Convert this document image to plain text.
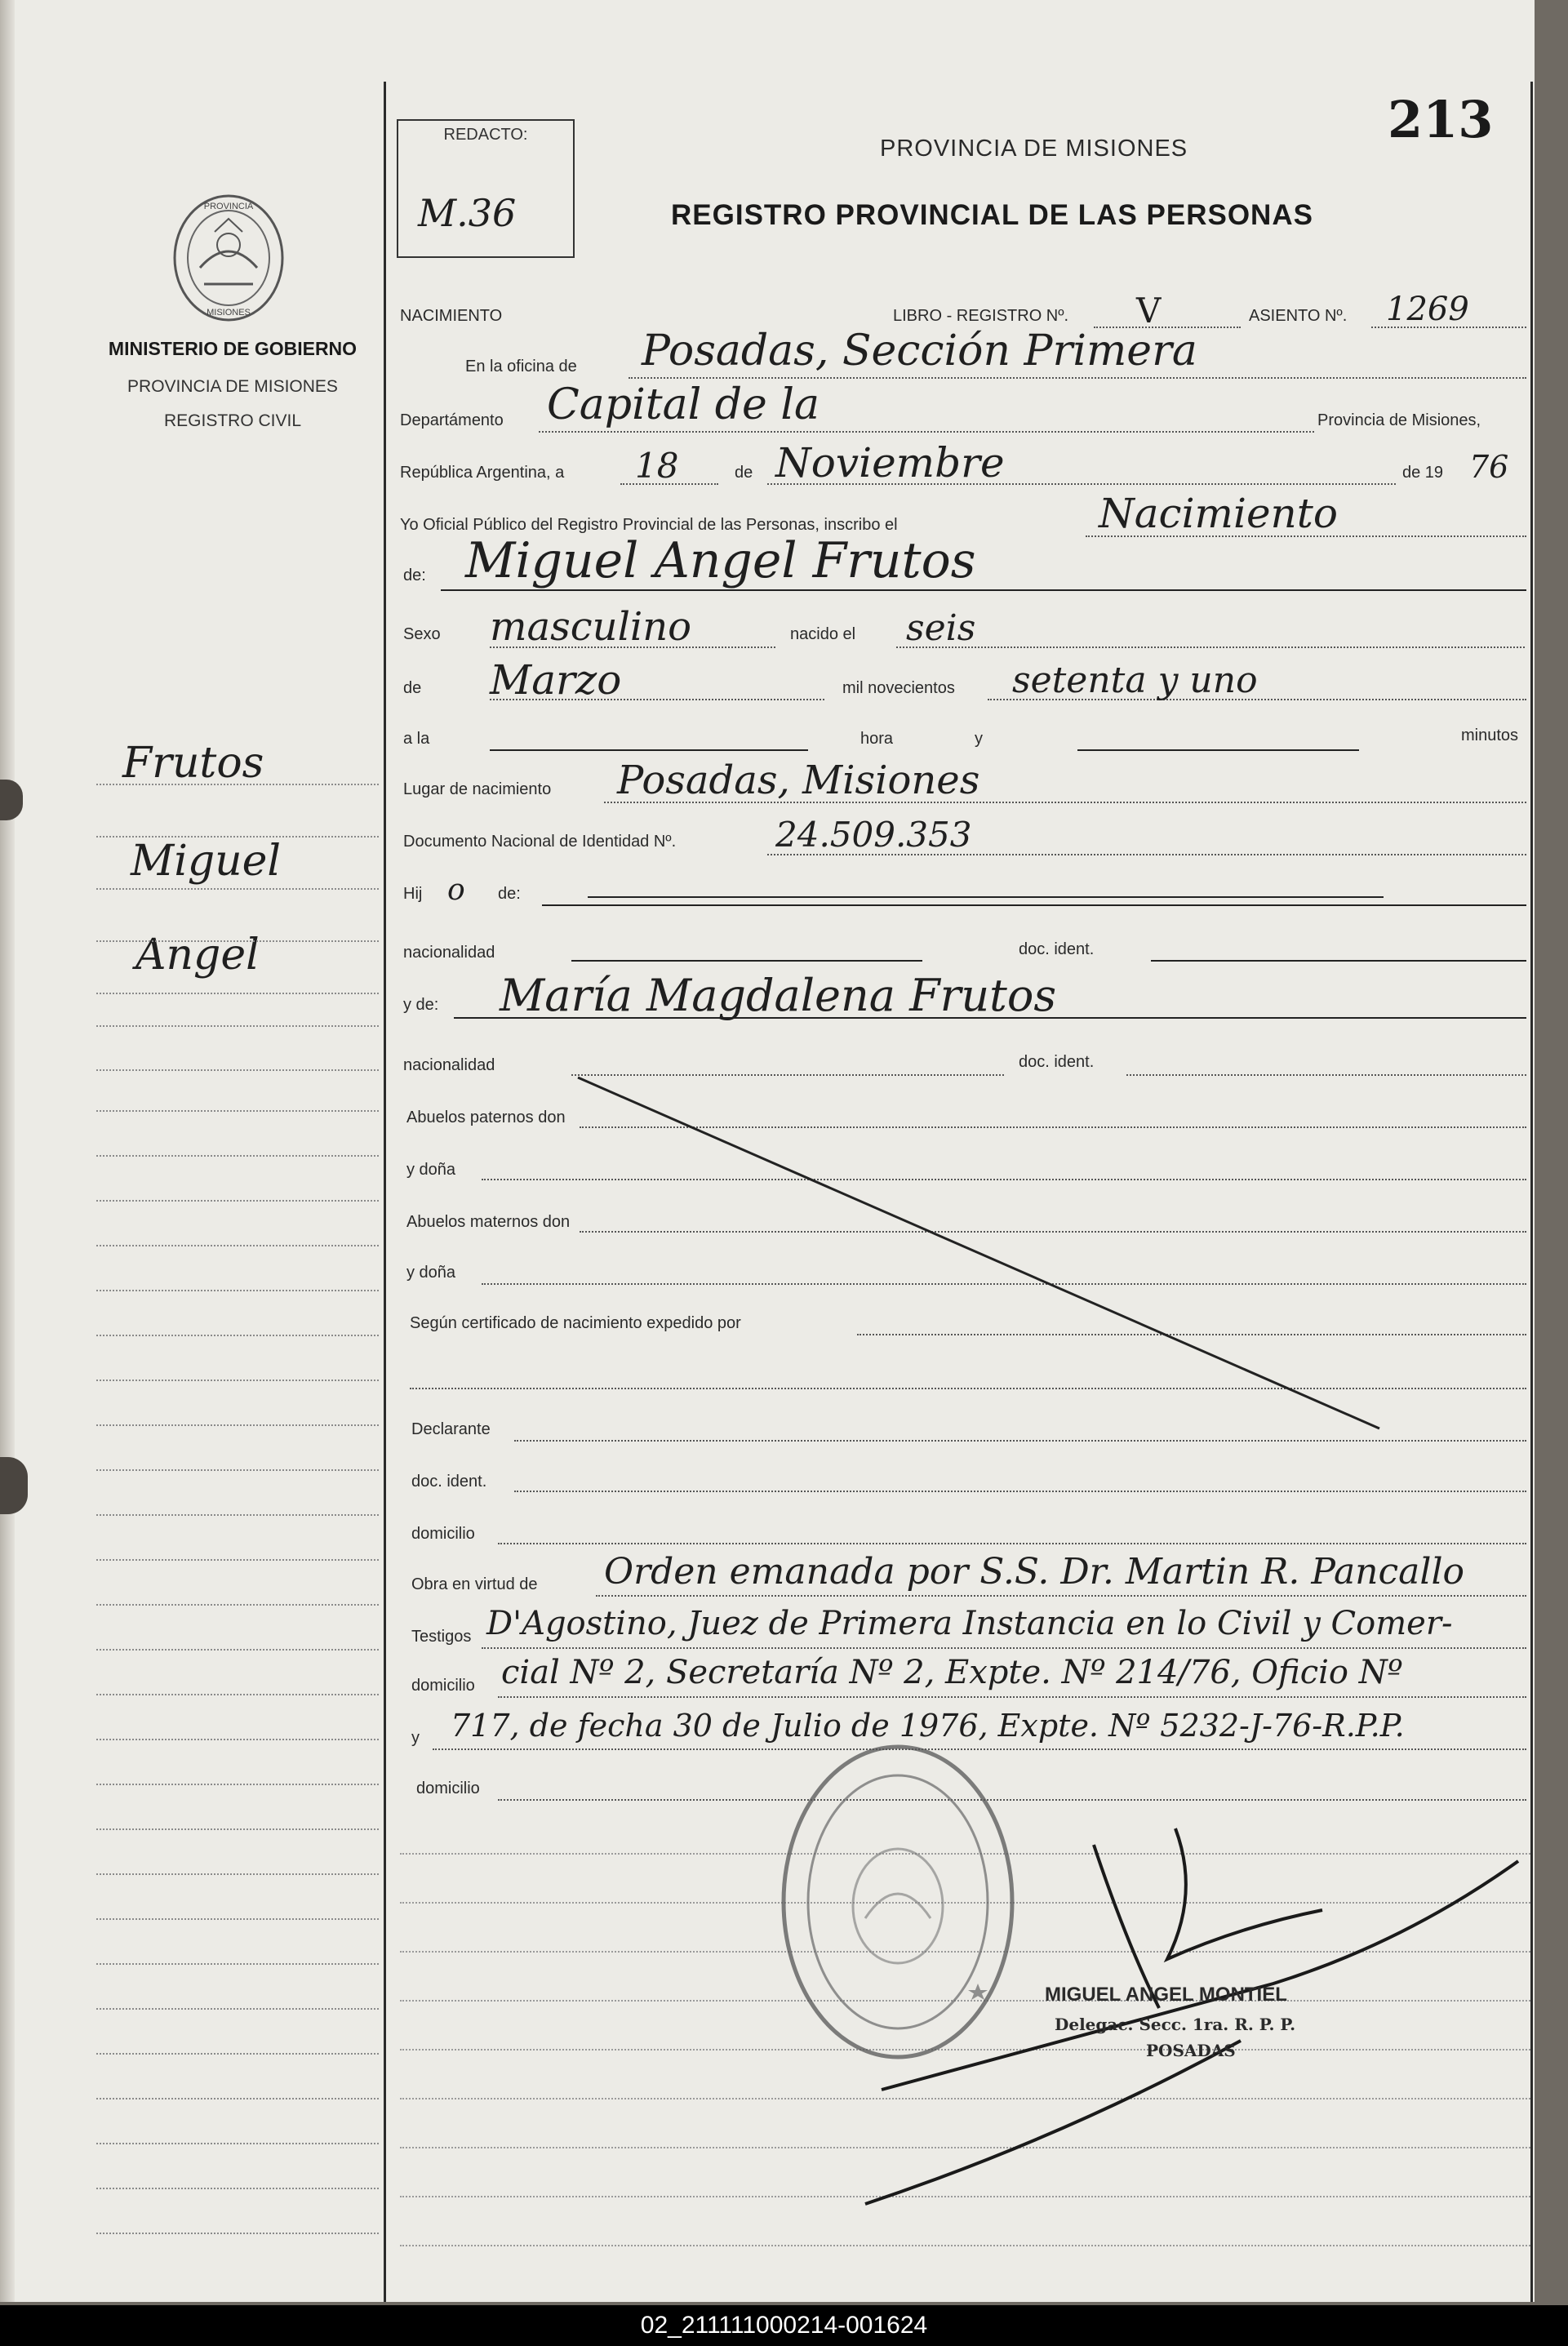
213
REDACTO:
M.36
PROVINCIA DE MISIONES
REGISTRO PROVINCIAL DE LAS PERSONAS
PROVINCIA
MISIONES
MINISTERIO DE GOBIERNO
PROVINCIA DE MISIONES
REGISTRO CIVIL
Frutos
Miguel
Angel
NACIMIENTO	LIBRO - REGISTRO Nº. V	ASIENTO Nº. 1269
En la oficina de Posadas, Sección Primera
Departámento Capital de la	Provincia de Misiones,
República Argentina, a 18	de Noviembre	de 19 76
Yo Oficial Público del Registro Provincial de las Personas, inscribo el	Nacimiento
de: Miguel Angel Frutos
Sexo masculino	nacido el seis
de Marzo	mil novecientos setenta y uno
a la	hora	y	minutos
Lugar de nacimiento Posadas, Misiones
Documento Nacional de Identidad Nº.	24.509.353
Hij o de:
nacionalidad	doc. ident.
y de: María Magdalena Frutos
nacionalidad	doc. ident.
Abuelos paternos don
y doña
Abuelos maternos don
y doña
Según certificado de nacimiento expedido por
Declarante
doc. ident.
domicilio
Obra en virtud de Orden emanada por S.S. Dr. Martin R. Pancallo
Testigos D'Agostino, Juez de Primera Instancia en lo Civil y Comer-
domicilio cial Nº 2, Secretaría Nº 2, Expte. Nº 214/76, Oficio Nº
y 717, de fecha 30 de Julio de 1976, Expte. Nº 5232-J-76-R.P.P.
domicilio
MIGUEL ANGEL MONTIEL
Delegac. Secc. 1ra. R. P. P.
POSADAS
02_211111000214-001624
